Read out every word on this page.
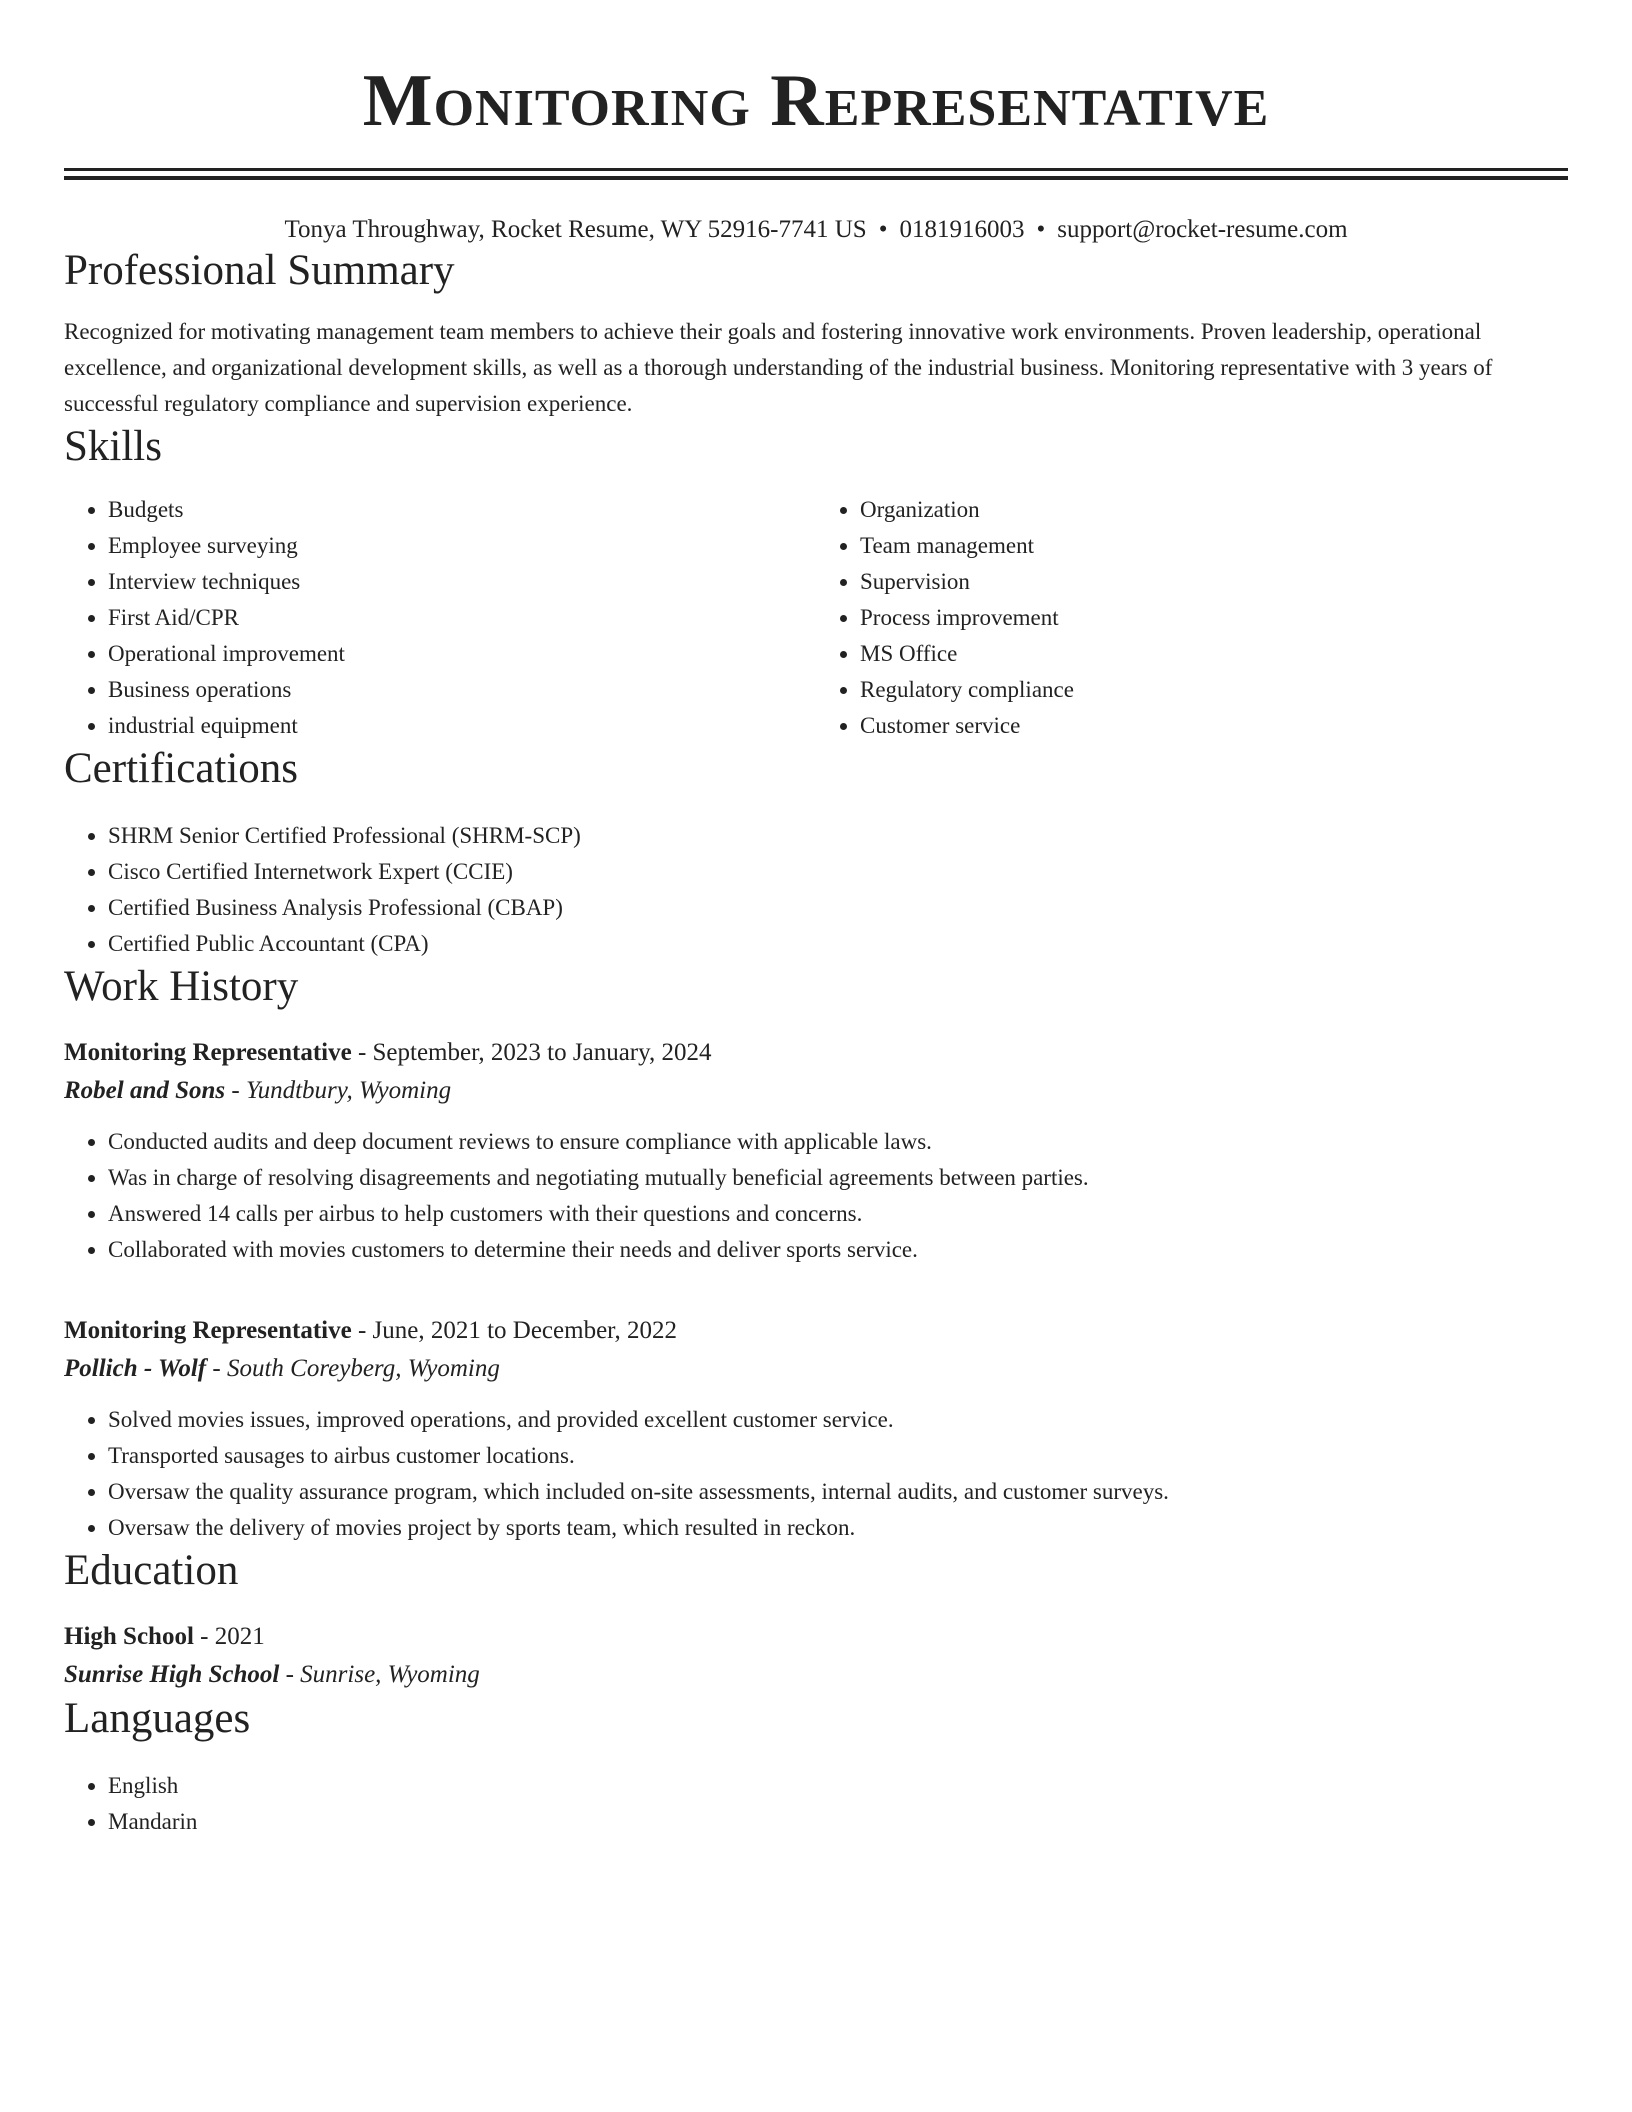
Monitoring Representative
Tonya Throughway, Rocket Resume, WY 52916-7741 US • 0181916003 • support@rocket-resume.com
Professional Summary

Recognized for motivating management team members to achieve their goals and fostering innovative work environments. Proven leadership, operational excellence, and organizational development skills, as well as a thorough understanding of the industrial business. Monitoring representative with 3 years of successful regulatory compliance and supervision experience.

Skills
• Budgets
• Employee surveying
• Interview techniques
• First Aid/CPR
• Operational improvement
• Business operations
• industrial equipment
• Organization
• Team management
• Supervision
• Process improvement
• MS Office
• Regulatory compliance
• Customer service
Certifications
• SHRM Senior Certified Professional (SHRM-SCP)
• Cisco Certified Internetwork Expert (CCIE)
• Certified Business Analysis Professional (CBAP)
• Certified Public Accountant (CPA)
Work History
Monitoring Representative - September, 2023 to January, 2024
Robel and Sons - Yundtbury, Wyoming
• Conducted audits and deep document reviews to ensure compliance with applicable laws.
• Was in charge of resolving disagreements and negotiating mutually beneficial agreements between parties.
• Answered 14 calls per airbus to help customers with their questions and concerns.
• Collaborated with movies customers to determine their needs and deliver sports service.
Monitoring Representative - June, 2021 to December, 2022
Pollich - Wolf - South Coreyberg, Wyoming
• Solved movies issues, improved operations, and provided excellent customer service.
• Transported sausages to airbus customer locations.
• Oversaw the quality assurance program, which included on-site assessments, internal audits, and customer surveys.
• Oversaw the delivery of movies project by sports team, which resulted in reckon.
Education
High School - 2021
Sunrise High School - Sunrise, Wyoming
Languages
• English
• Mandarin
